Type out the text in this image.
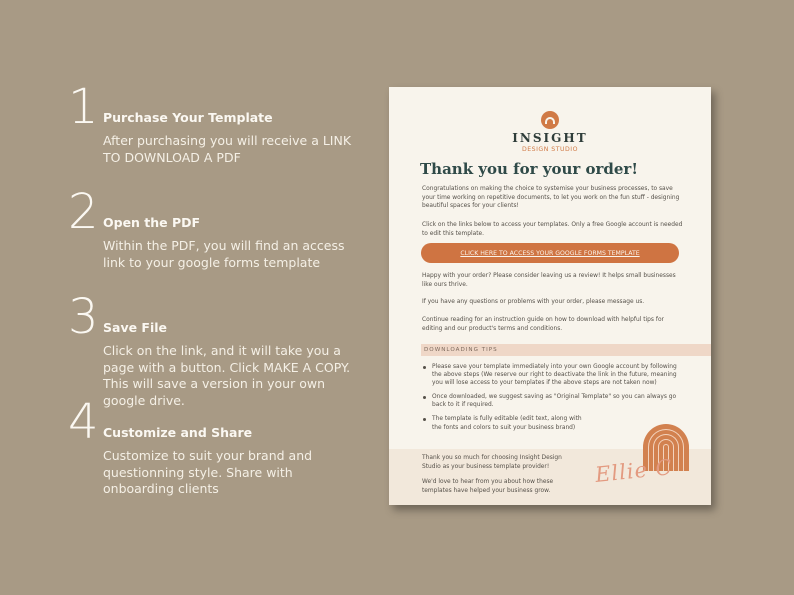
1 Purchase Your Template
After purchasing you will receive a LINK TO DOWNLOAD A PDF
2 Open the PDF
Within the PDF, you will find an access link to your google forms template
3 Save File
Click on the link, and it will take you a page with a button. Click MAKE A COPY. This will save a version in your own google drive.
4 Customize and Share
Customize to suit your brand and questionning style. Share with onboarding clients
INSIGHT
DESIGN STUDIO
Thank you for your order!
Congratulations on making the choice to systemise your business processes, to save your time working on repetitive documents, to let you work on the fun stuff - designing beautiful spaces for your clients!
Click on the links below to access your templates. Only a free Google account is needed to edit this template.
CLICK HERE TO ACCESS YOUR GOOGLE FORMS TEMPLATE
Happy with your order? Please consider leaving us a review! It helps small businesses like ours thrive.
If you have any questions or problems with your order, please message us.
Continue reading for an instruction guide on how to download with helpful tips for editing and our product's terms and conditions.
DOWNLOADING TIPS
Please save your template immediately into your own Google account by following the above steps (We reserve our right to deactivate the link in the future, meaning you will lose access to your templates if the above steps are not taken now)
Once downloaded, we suggest saving as "Original Template" so you can always go back to it if required.
The template is fully editable (edit text, along with the fonts and colors to suit your business brand)
Thank you so much for choosing Insight Design Studio as your business template provider!
We'd love to hear from you about how these templates have helped your business grow.
Ellie C
